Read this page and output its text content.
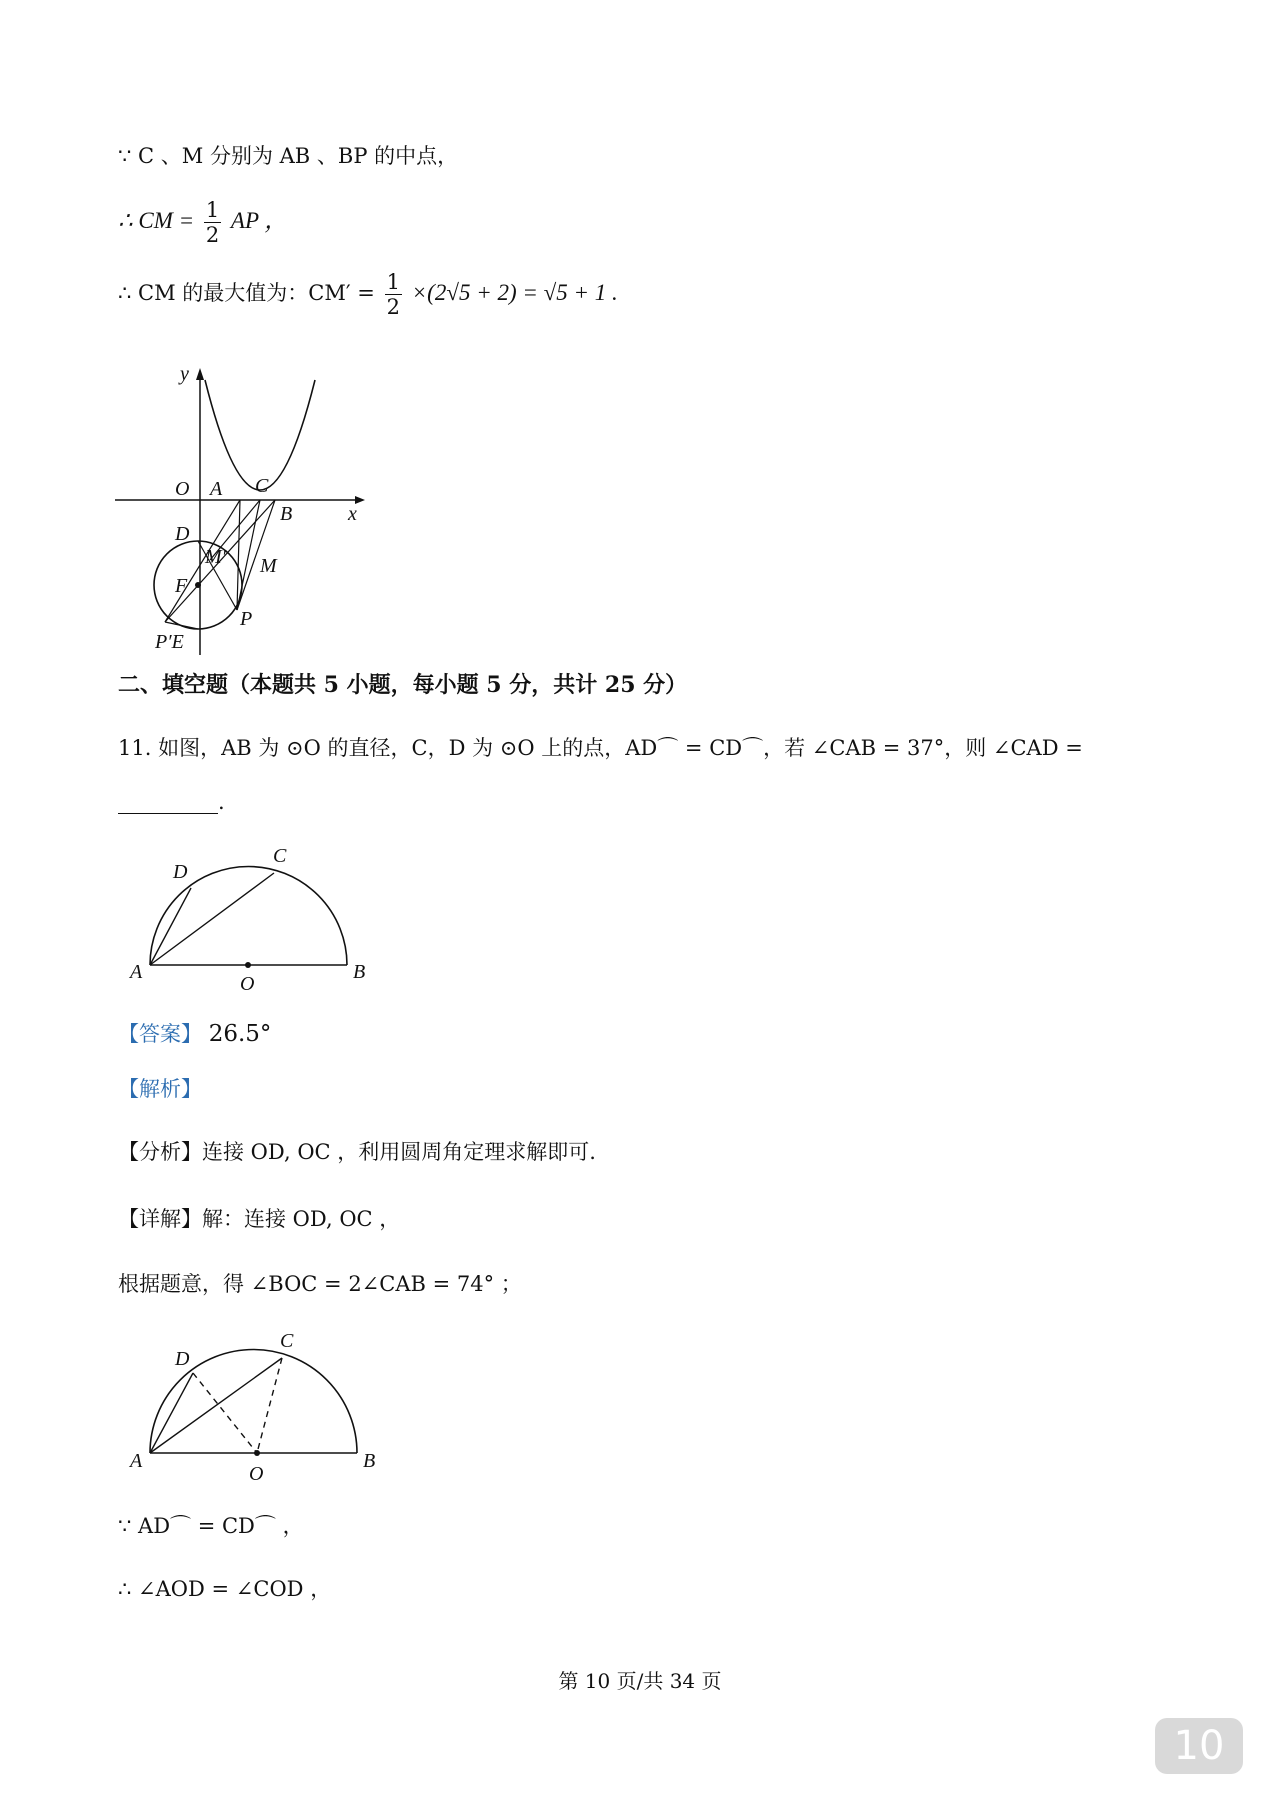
∵ C 、M 分别为 AB 、BP 的中点，
∴ CM = $\frac{1}{2}$ AP ，
∴ CM 的最大值为：$CM' = \frac{1}{2} \times(2√5 + 2) = √5 + 1$ .
y
x
O A C
B
D
M′ M
F
P
P′E
二、填空题（本题共 5 小题，每小题 5 分，共计 25 分）
11. 如图，AB 为 ⊙O 的直径，C，D 为 ⊙O 上的点，AD⌒ = CD⌒，若 ∠CAB = 37°，则 ∠CAD =
.
A	B
C
D
O
【答案】 26.5°
【解析】
【分析】连接 OD, OC ，利用圆周角定理求解即可.
【详解】解：连接 OD, OC ，
根据题意，得 ∠BOC = 2∠CAB = 74° ；
A	B
C
D
O
∵ AD⌒ = CD⌒ ，
∴ ∠AOD = ∠COD ，
第 10 页/共 34 页
10
